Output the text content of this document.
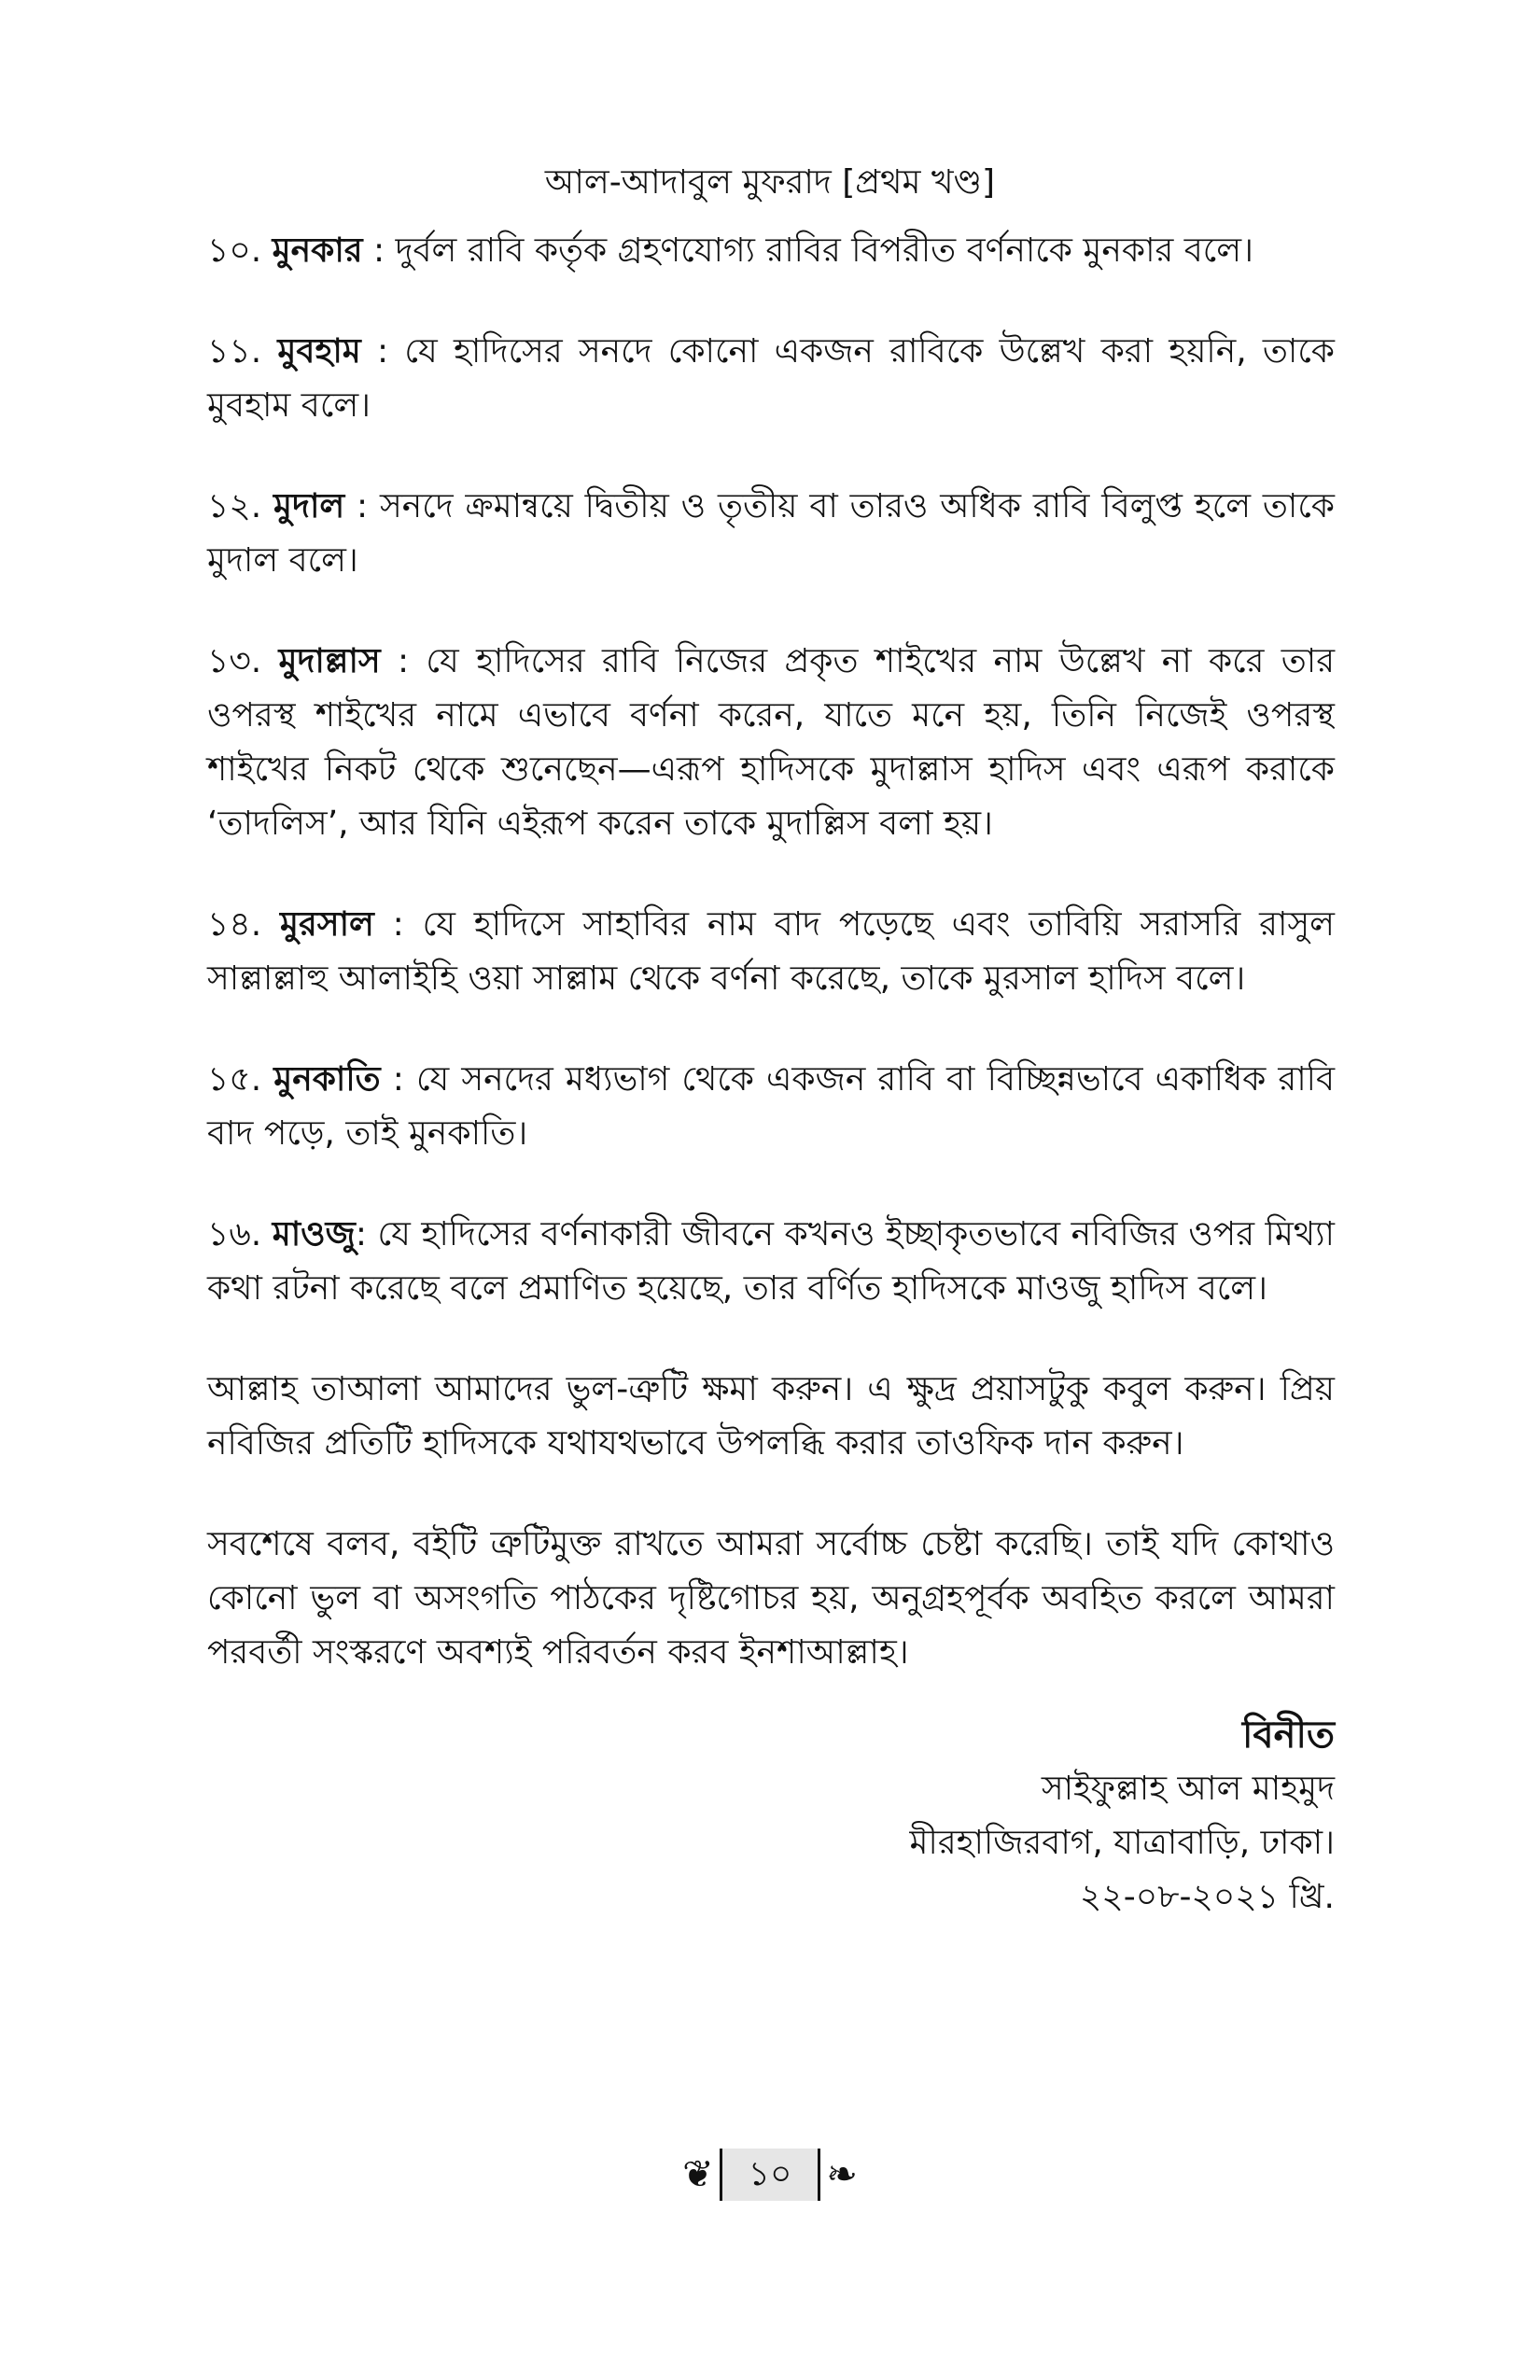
আল-আদাবুল মুফরাদ [প্রথম খণ্ড]

১০. মুনকার : দুর্বল রাবি কর্তৃক গ্রহণযোগ্য রাবির বিপরীত বর্ণনাকে মুনকার বলে।

১১. মুবহাম : যে হাদিসের সনদে কোনো একজন রাবিকে উল্লেখ করা হয়নি, তাকে মুবহাম বলে।

১২. মুদাল : সনদে ক্রমান্বয়ে দ্বিতীয় ও তৃতীয় বা তারও অধিক রাবি বিলুপ্ত হলে তাকে মুদাল বলে।

১৩. মুদাল্লাস : যে হাদিসের রাবি নিজের প্রকৃত শাইখের নাম উল্লেখ না করে তার ওপরস্থ শাইখের নামে এভাবে বর্ণনা করেন, যাতে মনে হয়, তিনি নিজেই ওপরস্থ শাইখের নিকট থেকে শুনেছেন—এরূপ হাদিসকে মুদাল্লাস হাদিস এবং এরূপ করাকে ‘তাদলিস’, আর যিনি এইরূপ করেন তাকে মুদাল্লিস বলা হয়।

১৪. মুরসাল : যে হাদিসে সাহাবির নাম বাদ পড়েছে এবং তাবিয়ি সরাসরি রাসুল সাল্লাল্লাহু আলাইহি ওয়া সাল্লাম থেকে বর্ণনা করেছে, তাকে মুরসাল হাদিস বলে।

১৫. মুনকাতি : যে সনদের মধ্যভাগ থেকে একজন রাবি বা বিচ্ছিন্নভাবে একাধিক রাবি বাদ পড়ে, তাই মুনকাতি।

১৬. মাওজু: যে হাদিসের বর্ণনাকারী জীবনে কখনও ইচ্ছাকৃতভাবে নবিজির ওপর মিথ্যা কথা রটনা করেছে বলে প্রমাণিত হয়েছে, তার বর্ণিত হাদিসকে মাওজু হাদিস বলে।

আল্লাহ তাআলা আমাদের ভুল-ত্রুটি ক্ষমা করুন। এ ক্ষুদ্র প্রয়াসটুকু কবুল করুন। প্রিয় নবিজির প্রতিটি হাদিসকে যথাযথভাবে উপলব্ধি করার তাওফিক দান করুন।

সবশেষে বলব, বইটি ত্রুটিমুক্ত রাখতে আমরা সর্বোচ্চ চেষ্টা করেছি। তাই যদি কোথাও কোনো ভুল বা অসংগতি পাঠকের দৃষ্টিগোচর হয়, অনুগ্রহপূর্বক অবহিত করলে আমরা পরবর্তী সংস্করণে অবশ্যই পরিবর্তন করব ইনশাআল্লাহ।

বিনীত
সাইফুল্লাহ আল মাহমুদ
মীরহাজিরবাগ, যাত্রাবাড়ি, ঢাকা।
২২-০৮-২০২১ খ্রি.
❦	১০ ❧
